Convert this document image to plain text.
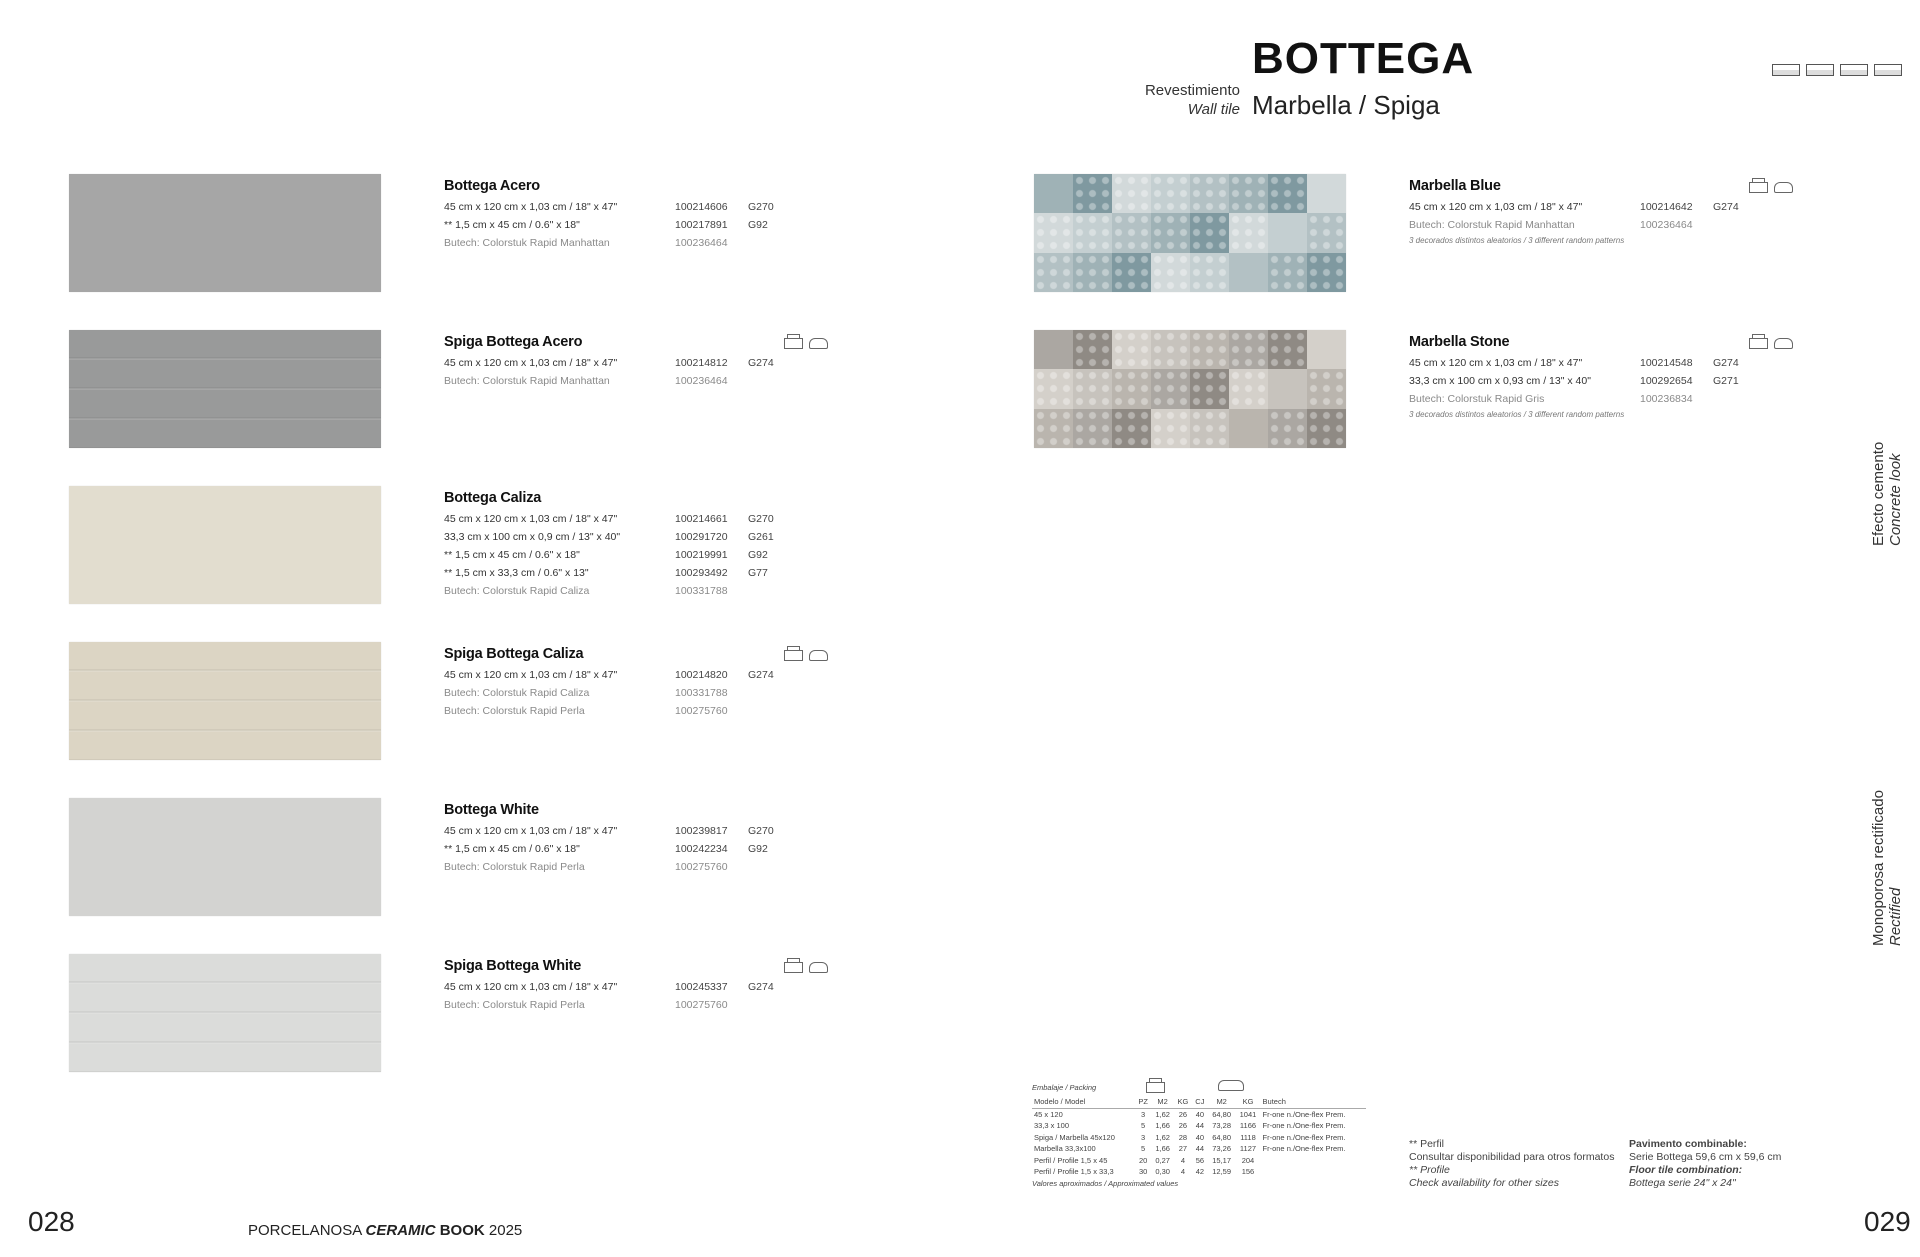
Revestimiento
Wall tile
BOTTEGA
Marbella / Spiga
Bottega Acero
45 cm x 120 cm x 1,03 cm / 18" x 47"	100214606	G270
** 1,5 cm x 45 cm / 0.6" x 18"	100217891	G92
Butech: Colorstuk Rapid Manhattan	100236464
Spiga Bottega Acero
45 cm x 120 cm x 1,03 cm / 18" x 47"	100214812	G274
Butech: Colorstuk Rapid Manhattan	100236464
Bottega Caliza
45 cm x 120 cm x 1,03 cm / 18" x 47"	100214661	G270
33,3 cm x 100 cm x 0,9 cm / 13" x 40"	100291720	G261
** 1,5 cm x 45 cm / 0.6" x 18"	100219991	G92
** 1,5 cm x 33,3 cm / 0.6" x 13"	100293492	G77
Butech: Colorstuk Rapid Caliza	100331788
Spiga Bottega Caliza
45 cm x 120 cm x 1,03 cm / 18" x 47"	100214820	G274
Butech: Colorstuk Rapid Caliza	100331788
Butech: Colorstuk Rapid Perla	100275760
Bottega White
45 cm x 120 cm x 1,03 cm / 18" x 47"	100239817	G270
** 1,5 cm x 45 cm / 0.6" x 18"	100242234	G92
Butech: Colorstuk Rapid Perla	100275760
Spiga Bottega White
45 cm x 120 cm x 1,03 cm / 18" x 47"	100245337	G274
Butech: Colorstuk Rapid Perla	100275760
Marbella Blue
45 cm x 120 cm x 1,03 cm / 18" x 47"	100214642	G274
Butech: Colorstuk Rapid Manhattan	100236464
3 decorados distintos aleatorios / 3 different random patterns
Marbella Stone
45 cm x 120 cm x 1,03 cm / 18" x 47"	100214548	G274
33,3 cm x 100 cm x 0,93 cm / 13" x 40"	100292654	G271
Butech: Colorstuk Rapid Gris	100236834
3 decorados distintos aleatorios / 3 different random patterns
Efecto cemento Concrete look
Monoporosa rectificado Rectified
Embalaje / Packing
Modelo / Model	PZ	M2	KG	CJ	M2	KG	Butech
45 x 120	3	1,62	26	40	64,80	1041	Fr-one n./One-flex Prem.
33,3 x 100	5	1,66	26	44	73,28	1166	Fr-one n./One-flex Prem.
Spiga / Marbella 45x120	3	1,62	28	40	64,80	1118	Fr-one n./One-flex Prem.
Marbella 33,3x100	5	1,66	27	44	73,26	1127	Fr-one n./One-flex Prem.
Perfil / Profile 1,5 x 45	20	0,27	4	56	15,17	204	
Perfil / Profile 1,5 x 33,3	30	0,30	4	42	12,59	156	
Valores aproximados / Approximated values
** Perfil
Consultar disponibilidad para otros formatos
** Profile
Check availability for other sizes
Pavimento combinable:
Serie Bottega 59,6 cm x 59,6 cm
Floor tile combination:
Bottega serie 24" x 24"
028	029
PORCELANOSA CERAMIC BOOK 2025
